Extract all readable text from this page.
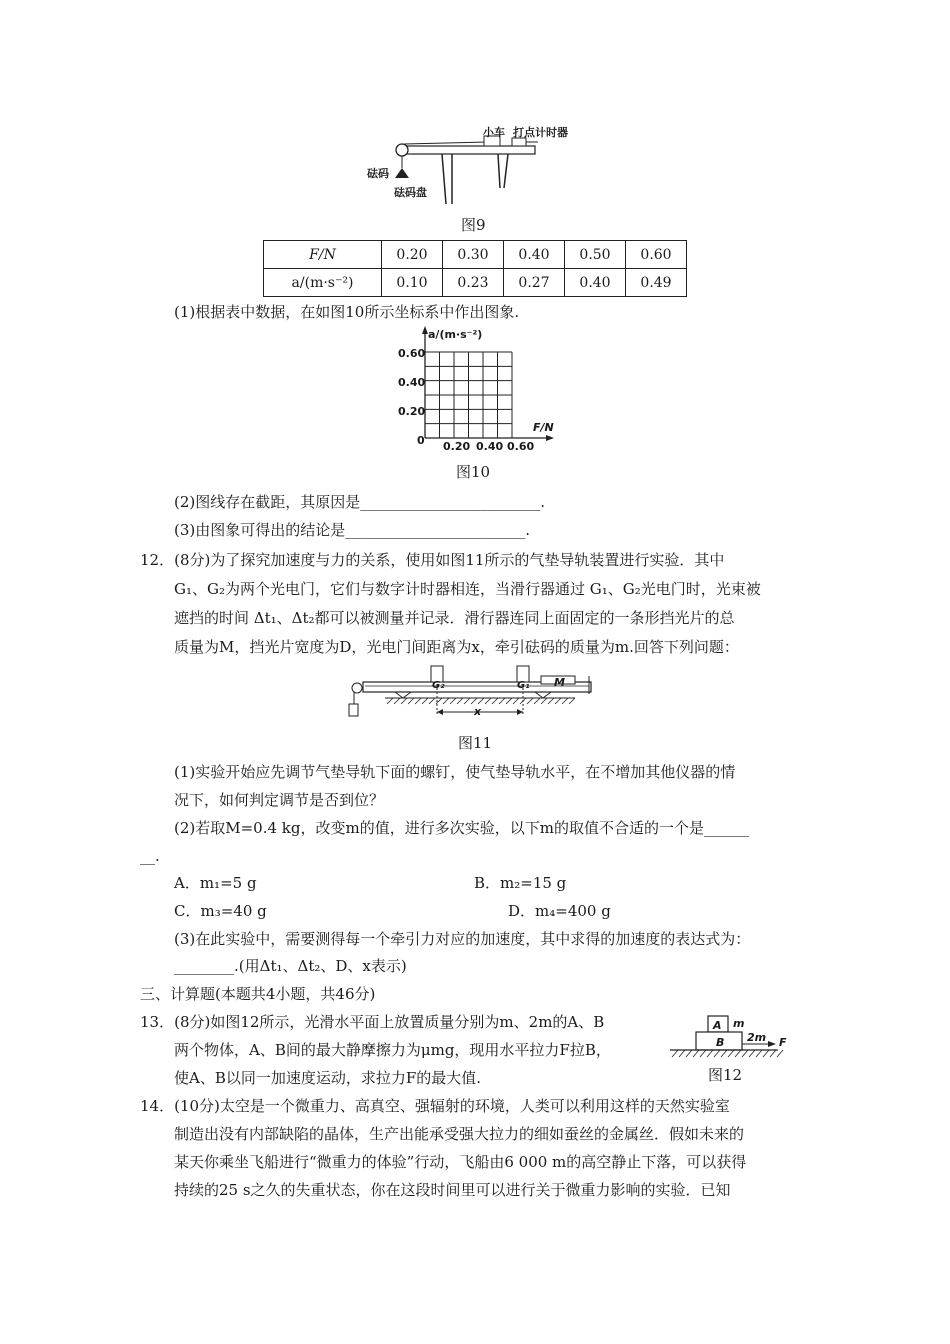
小车 打点计时器
砝码
砝码盘
图9
F/N	0.20	0.30	0.40	0.50	0.60
a/(m·s⁻²)	0.10	0.23	0.27	0.40	0.49
(1)根据表中数据，在如图10所示坐标系中作出图象.
a/(m·s⁻²)
F/N
0.60
0.40
0.20
0 0.20 0.40 0.60
图10
(2)图线存在截距，其原因是________________________.
(3)由图象可得出的结论是________________________.
12．(8分)为了探究加速度与力的关系，使用如图11所示的气垫导轨装置进行实验．其中
G₁、G₂为两个光电门，它们与数字计时器相连，当滑行器通过 G₁、G₂光电门时，光束被
遮挡的时间 Δt₁、Δt₂都可以被测量并记录．滑行器连同上面固定的一条形挡光片的总
质量为M，挡光片宽度为D，光电门间距离为x，牵引砝码的质量为m.回答下列问题：
G₂	G₁ M
x
图11
(1)实验开始应先调节气垫导轨下面的螺钉，使气垫导轨水平，在不增加其他仪器的情
况下，如何判定调节是否到位？
(2)若取M=0.4 kg，改变m的值，进行多次实验，以下m的取值不合适的一个是______
__.
A．m₁=5 g	B．m₂=15 g
C．m₃=40 g	D．m₄=400 g
(3)在此实验中，需要测得每一个牵引力对应的加速度，其中求得的加速度的表达式为：
________.(用Δt₁、Δt₂、D、x表示)
三、计算题(本题共4小题，共46分)
13．(8分)如图12所示，光滑水平面上放置质量分别为m、2m的A、B
两个物体，A、B间的最大静摩擦力为μmg，现用水平拉力F拉B，
使A、B以同一加速度运动，求拉力F的最大值.
A m
B 2m F
图12
14．(10分)太空是一个微重力、高真空、强辐射的环境，人类可以利用这样的天然实验室
制造出没有内部缺陷的晶体，生产出能承受强大拉力的细如蚕丝的金属丝．假如未来的
某天你乘坐飞船进行“微重力的体验”行动，飞船由6 000 m的高空静止下落，可以获得
持续的25 s之久的失重状态，你在这段时间里可以进行关于微重力影响的实验．已知
